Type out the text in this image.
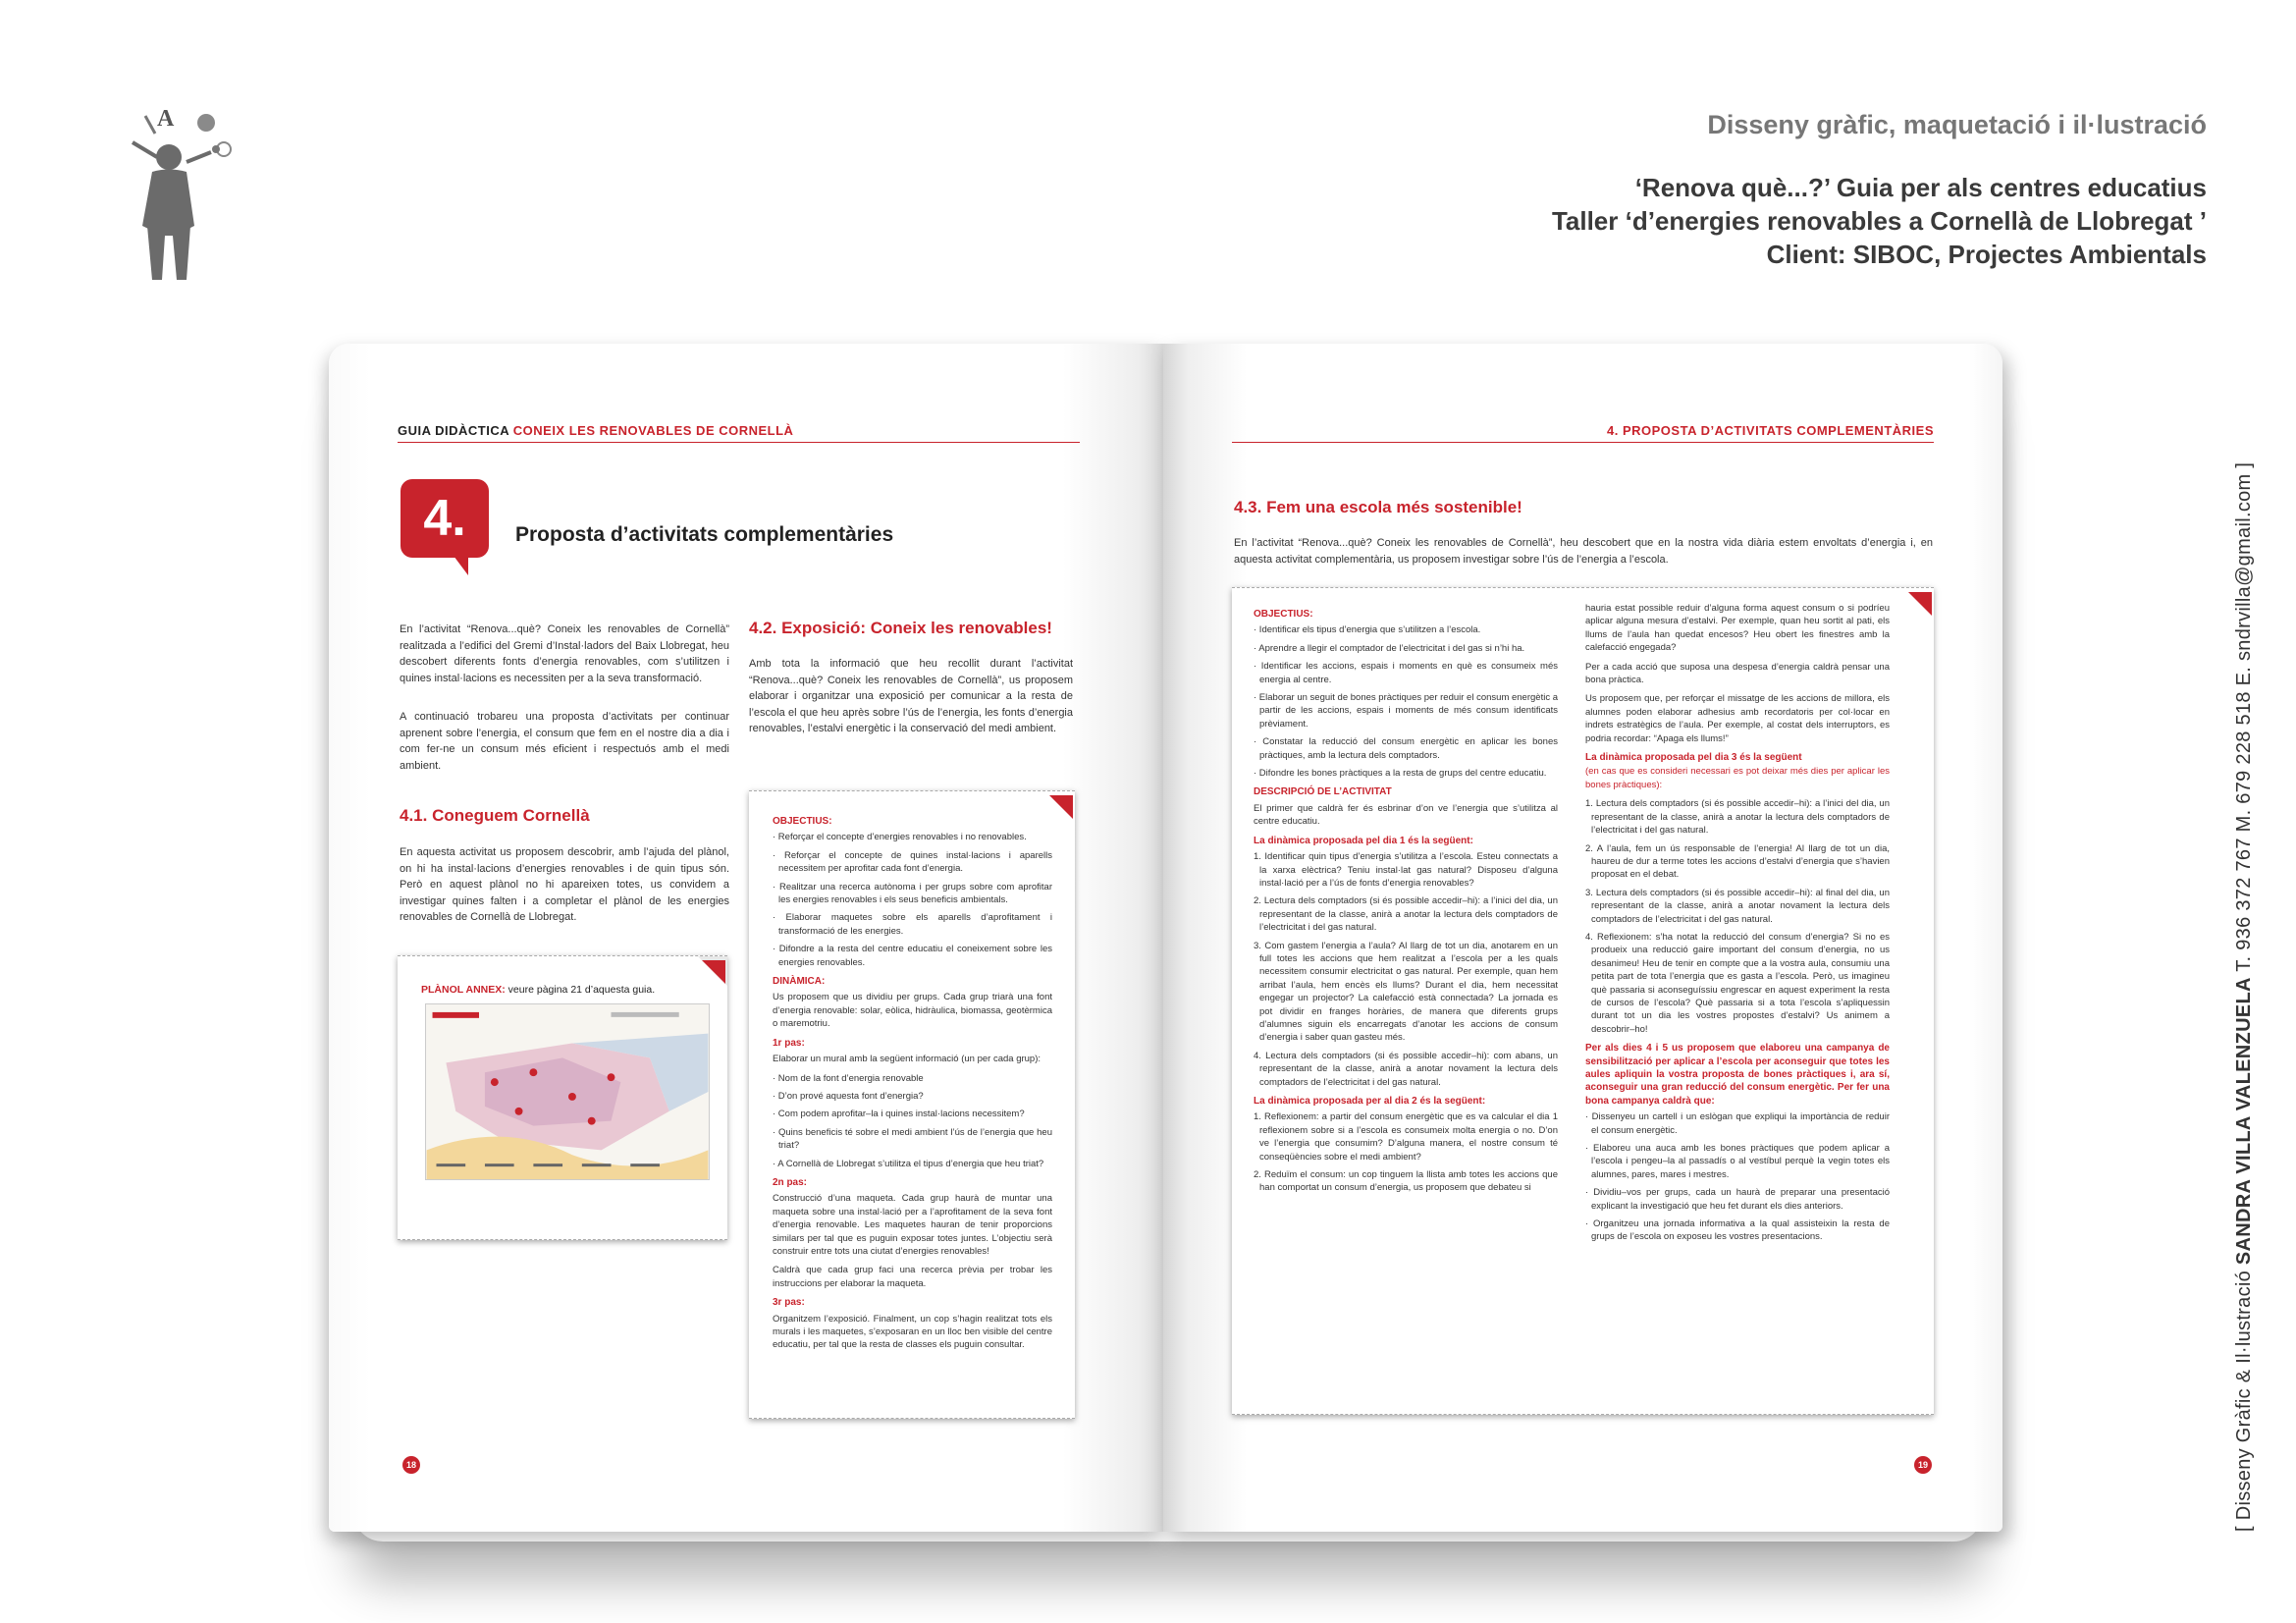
Disseny gràfic, maquetació i il·lustració
‘Renova què...?’ Guia per als centres educatius
Taller ‘d’energies renovables a Cornellà de Llobregat ’
Client: SIBOC, Projectes Ambientals
A
[ Disseny Gràfic & Il·lustració SANDRA VILLA VALENZUELA T. 936 372 767 M. 679 228 518 E. sndrvilla@gmail.com ]
GUIA DIDÀCTICA CONEIX LES RENOVABLES DE CORNELLÀ
4.	Proposta d’activitats complementàries
En l’activitat “Renova...què? Coneix les renovables de Cornellà” realitzada a l’edifici del Gremi d’Instal·ladors del Baix Llobregat, heu descobert diferents fonts d’energia renovables, com s’utilitzen i quines instal·lacions es necessiten per a la seva transformació.
A continuació trobareu una proposta d’activitats per continuar aprenent sobre l’energia, el consum que fem en el nostre dia a dia i com fer-ne un consum més eficient i respectuós amb el medi ambient.
4.1. Coneguem Cornellà
En aquesta activitat us proposem descobrir, amb l’ajuda del plànol, on hi ha instal·lacions d’energies renovables i de quin tipus són. Però en aquest plànol no hi apareixen totes, us convidem a investigar quines falten i a completar el plànol de les energies renovables de Cornellà de Llobregat.
PLÀNOL ANNEX: veure pàgina 21 d’aquesta guia.
4.2. Exposició: Coneix les renovables!
Amb tota la informació que heu recollit durant l’activitat “Renova...què? Coneix les renovables de Cornellà”, us proposem elaborar i organitzar una exposició per comunicar a la resta de l’escola el que heu après sobre l’ús de l’energia, les fonts d’energia renovables, l’estalvi energètic i la conservació del medi ambient.
OBJECTIUS:
· Reforçar el concepte d’energies renovables i no renovables.
· Reforçar el concepte de quines instal·lacions i aparells necessitem per aprofitar cada font d’energia.
· Realitzar una recerca autònoma i per grups sobre com aprofitar les energies renovables i els seus beneficis ambientals.
· Elaborar maquetes sobre els aparells d’aprofitament i transformació de les energies.
· Difondre a la resta del centre educatiu el coneixement sobre les energies renovables.
DINÀMICA:

Us proposem que us dividiu per grups. Cada grup triarà una font d’energia renovable: solar, eòlica, hidràulica, biomassa, geotèrmica o maremotriu.

1r pas:

Elaborar un mural amb la següent informació (un per cada grup):

· Nom de la font d’energia renovable
· D’on prové aquesta font d’energia?
· Com podem aprofitar–la i quines instal·lacions necessitem?
· Quins beneficis té sobre el medi ambient l’ús de l’energia que heu triat?
· A Cornellà de Llobregat s’utilitza el tipus d’energia que heu triat?
2n pas:

Construcció d’una maqueta. Cada grup haurà de muntar una maqueta sobre una instal·lació per a l’aprofitament de la seva font d’energia renovable. Les maquetes hauran de tenir proporcions similars per tal que es puguin exposar totes juntes. L’objectiu serà construir entre tots una ciutat d’energies renovables!

Caldrà que cada grup faci una recerca prèvia per trobar les instruccions per elaborar la maqueta.

3r pas:

Organitzem l’exposició. Finalment, un cop s’hagin realitzat tots els murals i les maquetes, s’exposaran en un lloc ben visible del centre educatiu, per tal que la resta de classes els puguin consultar.

18
4. PROPOSTA D’ACTIVITATS COMPLEMENTÀRIES
4.3. Fem una escola més sostenible!
En l’activitat “Renova...què? Coneix les renovables de Cornellà”, heu descobert que en la nostra vida diària estem envoltats d’energia i, en aquesta activitat complementària, us proposem investigar sobre l’ús de l’energia a l’escola.
OBJECTIUS:
· Identificar els tipus d’energia que s’utilitzen a l’escola.
· Aprendre a llegir el comptador de l’electricitat i del gas si n’hi ha.
· Identificar les accions, espais i moments en què es consumeix més energia al centre.
· Elaborar un seguit de bones pràctiques per reduir el consum energètic a partir de les accions, espais i moments de més consum identificats prèviament.
· Constatar la reducció del consum energètic en aplicar les bones pràctiques, amb la lectura dels comptadors.
· Difondre les bones pràctiques a la resta de grups del centre educatiu.
DESCRIPCIÓ DE L’ACTIVITAT

El primer que caldrà fer és esbrinar d’on ve l’energia que s’utilitza al centre educatiu.

La dinàmica proposada pel dia 1 és la següent:
1. Identificar quin tipus d’energia s’utilitza a l’escola. Esteu connectats a la xarxa elèctrica? Teniu instal·lat gas natural? Disposeu d’alguna instal·lació per a l’ús de fonts d’energia renovables?
2. Lectura dels comptadors (si és possible accedir–hi): a l’inici del dia, un representant de la classe, anirà a anotar la lectura dels comptadors de l’electricitat i del gas natural.
3. Com gastem l’energia a l’aula? Al llarg de tot un dia, anotarem en un full totes les accions que hem realitzat a l’escola per a les quals necessitem consumir electricitat o gas natural. Per exemple, quan hem arribat l’aula, hem encès els llums? Durant el dia, hem necessitat engegar un projector? La calefacció està connectada? La jornada es pot dividir en franges horàries, de manera que diferents grups d’alumnes siguin els encarregats d’anotar les accions de consum d’energia i saber quan gasteu més.
4. Lectura dels comptadors (si és possible accedir–hi): com abans, un representant de la classe, anirà a anotar novament la lectura dels comptadors de l’electricitat i del gas natural.
La dinàmica proposada per al dia 2 és la següent:
1. Reflexionem: a partir del consum energètic que es va calcular el dia 1 reflexionem sobre si a l’escola es consumeix molta energia o no. D’on ve l’energia que consumim? D’alguna manera, el nostre consum té conseqüències sobre el medi ambient?
2. Reduïm el consum: un cop tinguem la llista amb totes les accions que han comportat un consum d’energia, us proposem que debateu si

hauria estat possible reduir d’alguna forma aquest consum o si podríeu aplicar alguna mesura d’estalvi. Per exemple, quan heu sortit al pati, els llums de l’aula han quedat encesos? Heu obert les finestres amb la calefacció engegada?

Per a cada acció que suposa una despesa d’energia caldrà pensar una bona pràctica.

Us proposem que, per reforçar el missatge de les accions de millora, els alumnes poden elaborar adhesius amb recordatoris per col·locar en indrets estratègics de l’aula. Per exemple, al costat dels interruptors, es podria recordar: “Apaga els llums!”

La dinàmica proposada pel dia 3 és la següent
(en cas que es consideri necessari es pot deixar més dies per aplicar les bones pràctiques):
1. Lectura dels comptadors (si és possible accedir–hi): a l’inici del dia, un representant de la classe, anirà a anotar la lectura dels comptadors de l’electricitat i del gas natural.
2. A l’aula, fem un ús responsable de l’energia! Al llarg de tot un dia, haureu de dur a terme totes les accions d’estalvi d’energia que s’havien proposat en el debat.
3. Lectura dels comptadors (si és possible accedir–hi): al final del dia, un representant de la classe, anirà a anotar novament la lectura dels comptadors de l’electricitat i del gas natural.
4. Reflexionem: s’ha notat la reducció del consum d’energia? Si no es produeix una reducció gaire important del consum d’energia, no us desanimeu! Heu de tenir en compte que a la vostra aula, consumiu una petita part de tota l’energia que es gasta a l’escola. Però, us imagineu què passaria si aconseguíssiu engrescar en aquest experiment la resta de cursos de l’escola? Què passaria si a tota l’escola s’apliquessin durant tot un dia les vostres propostes d’estalvi? Us animem a descobrir–ho!
Per als dies 4 i 5 us proposem que elaboreu una campanya de sensibilització per aplicar a l’escola per aconseguir que totes les aules apliquin la vostra proposta de bones pràctiques i, ara sí, aconseguir una gran reducció del consum energètic. Per fer una bona campanya caldrà que:
· Dissenyeu un cartell i un eslògan que expliqui la importància de reduir el consum energètic.
· Elaboreu una auca amb les bones pràctiques que podem aplicar a l’escola i pengeu–la al passadís o al vestíbul perquè la vegin totes els alumnes, pares, mares i mestres.
· Dividiu–vos per grups, cada un haurà de preparar una presentació explicant la investigació que heu fet durant els dies anteriors.
· Organitzeu una jornada informativa a la qual assisteixin la resta de grups de l’escola on exposeu les vostres presentacions.
19
